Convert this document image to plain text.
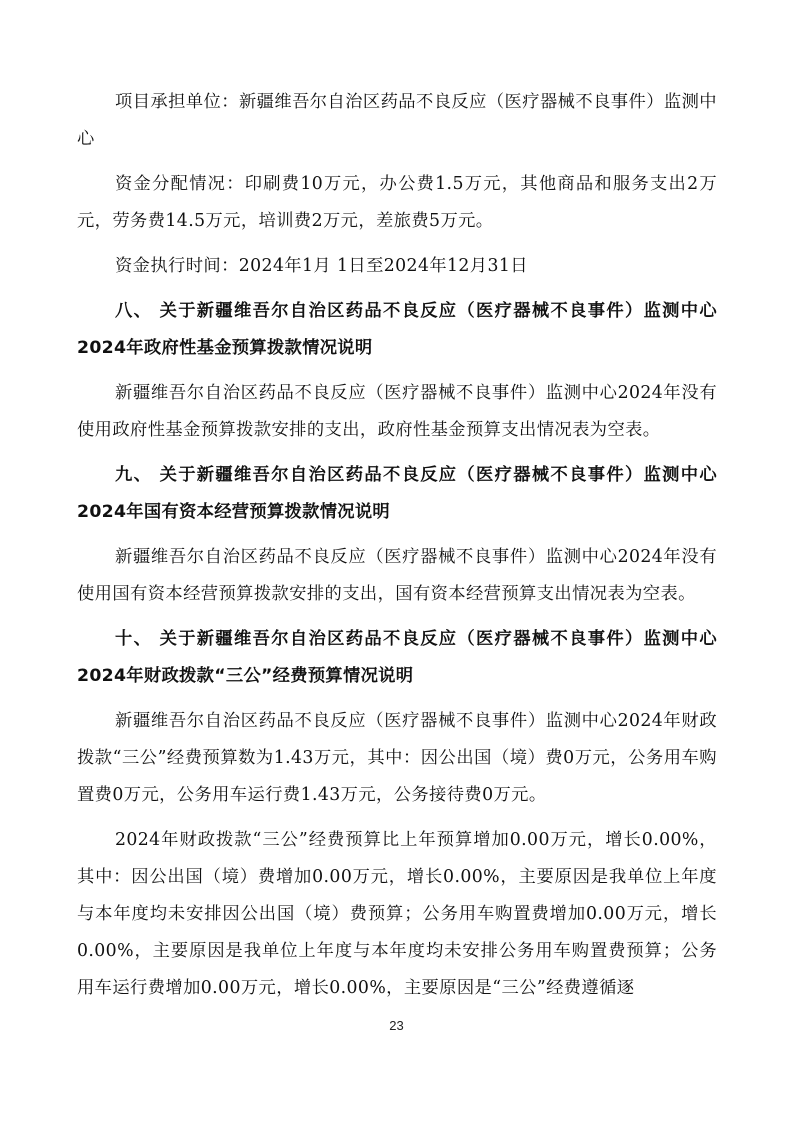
项目承担单位：新疆维吾尔自治区药品不良反应（医疗器械不良事件）监测中心

资金分配情况：印刷费10万元，办公费1.5万元，其他商品和服务支出2万元，劳务费14.5万元，培训费2万元，差旅费5万元。

资金执行时间：2024年1月 1日至2024年12月31日

八、 关于新疆维吾尔自治区药品不良反应（医疗器械不良事件）监测中心2024年政府性基金预算拨款情况说明

新疆维吾尔自治区药品不良反应（医疗器械不良事件）监测中心2024年没有使用政府性基金预算拨款安排的支出，政府性基金预算支出情况表为空表。

九、 关于新疆维吾尔自治区药品不良反应（医疗器械不良事件）监测中心2024年国有资本经营预算拨款情况说明

新疆维吾尔自治区药品不良反应（医疗器械不良事件）监测中心2024年没有使用国有资本经营预算拨款安排的支出，国有资本经营预算支出情况表为空表。

十、 关于新疆维吾尔自治区药品不良反应（医疗器械不良事件）监测中心2024年财政拨款“三公”经费预算情况说明

新疆维吾尔自治区药品不良反应（医疗器械不良事件）监测中心2024年财政拨款“三公”经费预算数为1.43万元，其中：因公出国（境）费0万元，公务用车购置费0万元，公务用车运行费1.43万元，公务接待费0万元。

2024年财政拨款“三公”经费预算比上年预算增加0.00万元，增长0.00%，其中：因公出国（境）费增加0.00万元，增长0.00%，主要原因是我单位上年度与本年度均未安排因公出国（境）费预算；公务用车购置费增加0.00万元，增长0.00%，主要原因是我单位上年度与本年度均未安排公务用车购置费预算；公务用车运行费增加0.00万元，增长0.00%，主要原因是“三公”经费遵循逐

23
